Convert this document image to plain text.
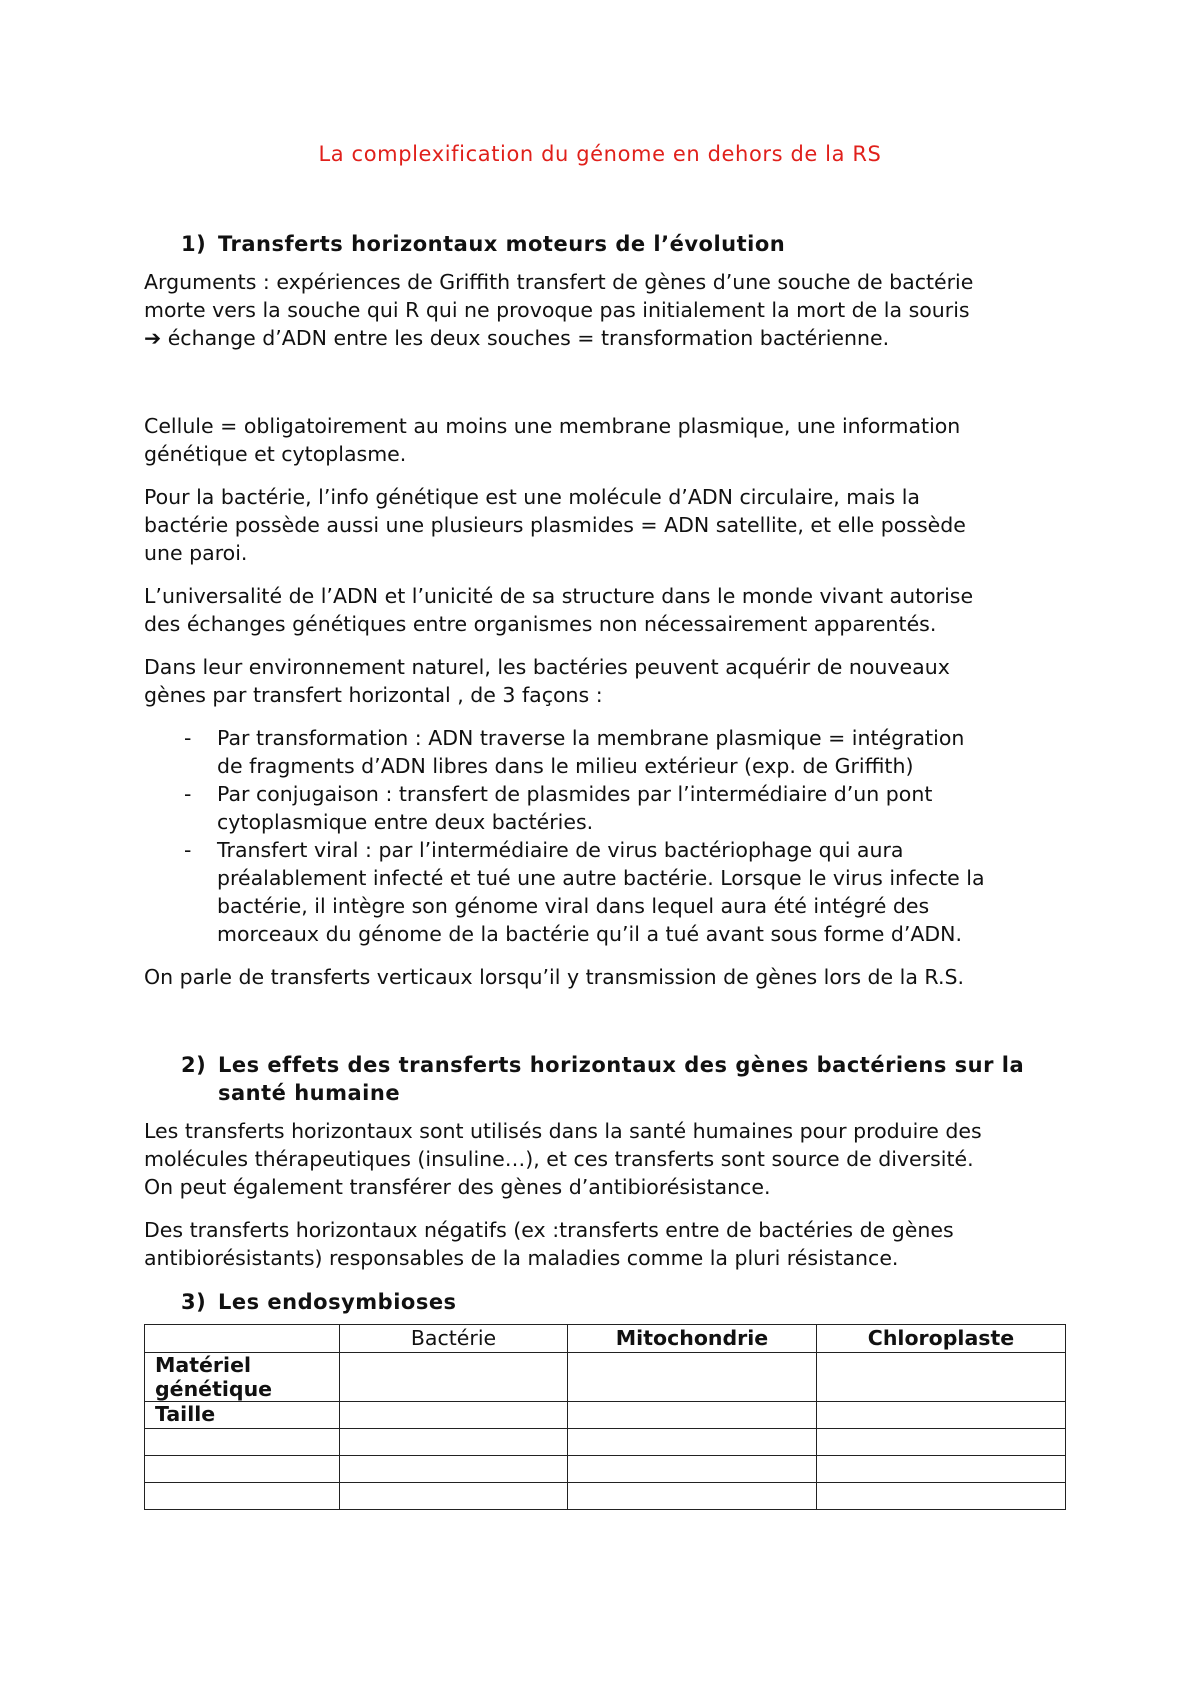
La complexification du génome en dehors de la RS
1) Transferts horizontaux moteurs de l’évolution

Arguments : expériences de Griffith transfert de gènes d’une souche de bactérie
morte vers la souche qui R qui ne provoque pas initialement la mort de la souris
➔ échange d’ADN entre les deux souches = transformation bactérienne.

Cellule = obligatoirement au moins une membrane plasmique, une information
génétique et cytoplasme.

Pour la bactérie, l’info génétique est une molécule d’ADN circulaire, mais la
bactérie possède aussi une plusieurs plasmides = ADN satellite, et elle possède
une paroi.

L’universalité de l’ADN et l’unicité de sa structure dans le monde vivant autorise
des échanges génétiques entre organismes non nécessairement apparentés.

Dans leur environnement naturel, les bactéries peuvent acquérir de nouveaux
gènes par transfert horizontal , de 3 façons :

-	Par transformation : ADN traverse la membrane plasmique = intégration
de fragments d’ADN libres dans le milieu extérieur (exp. de Griffith)
-	Par conjugaison : transfert de plasmides par l’intermédiaire d’un pont
cytoplasmique entre deux bactéries.
-	Transfert viral : par l’intermédiaire de virus bactériophage qui aura
préalablement infecté et tué une autre bactérie. Lorsque le virus infecte la
bactérie, il intègre son génome viral dans lequel aura été intégré des
morceaux du génome de la bactérie qu’il a tué avant sous forme d’ADN.

On parle de transferts verticaux lorsqu’il y transmission de gènes lors de la R.S.

2) Les effets des transferts horizontaux des gènes bactériens sur la
santé humaine

Les transferts horizontaux sont utilisés dans la santé humaines pour produire des
molécules thérapeutiques (insuline…), et ces transferts sont source de diversité.
On peut également transférer des gènes d’antibiorésistance.

Des transferts horizontaux négatifs (ex :transferts entre de bactéries de gènes
antibiorésistants) responsables de la maladies comme la pluri résistance.

3) Les endosymbioses
	Bactérie	Mitochondrie	Chloroplaste
Matériel génétique			
Taille			
